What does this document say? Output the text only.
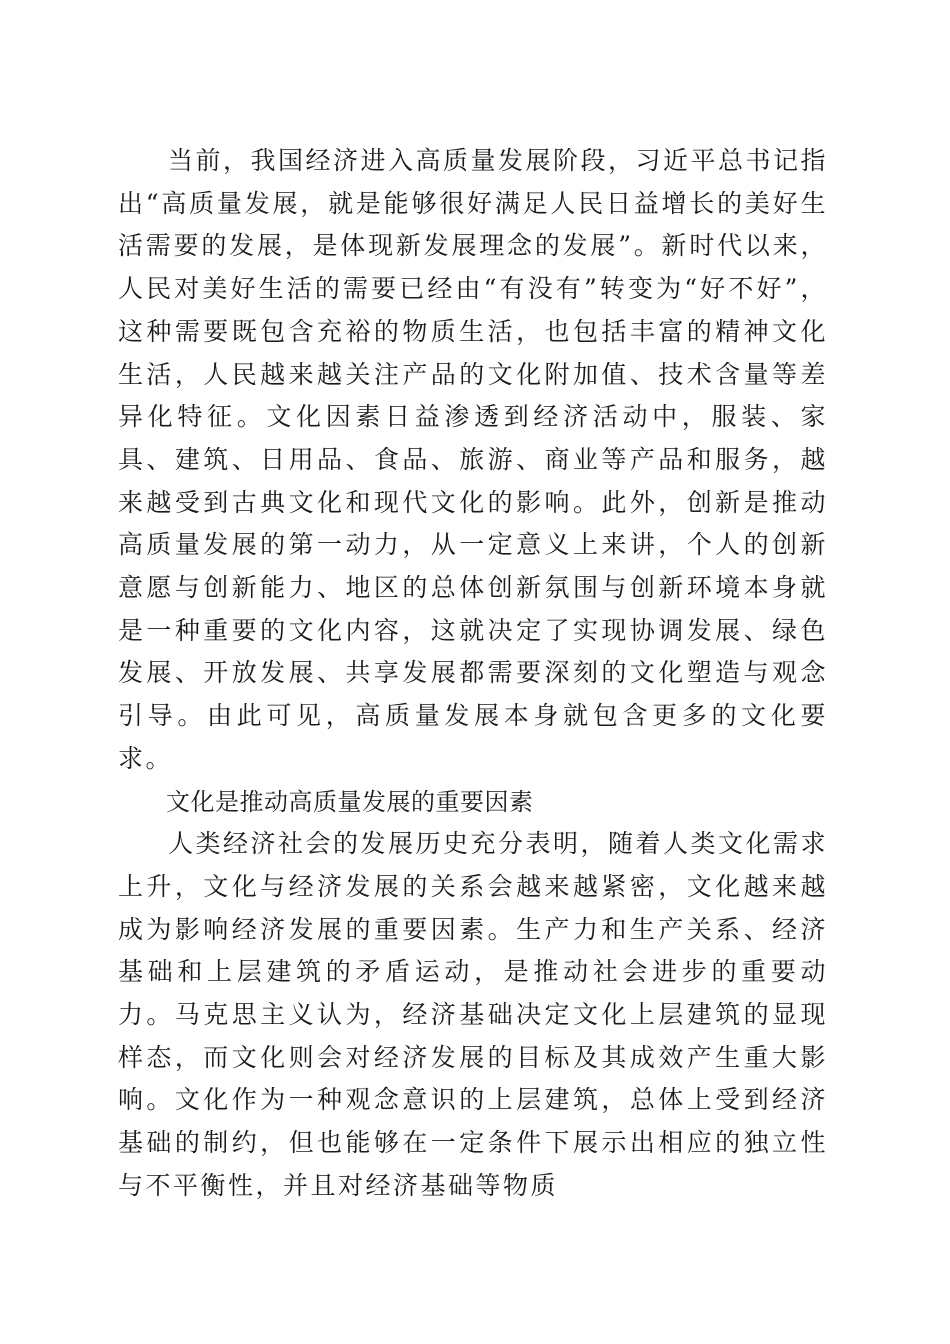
当前，我国经济进入高质量发展阶段，习近平总书记指出“高质量发展，就是能够很好满足人民日益增长的美好生活需要的发展，是体现新发展理念的发展”。新时代以来，人民对美好生活的需要已经由“有没有”转变为“好不好”，这种需要既包含充裕的物质生活，也包括丰富的精神文化生活，人民越来越关注产品的文化附加值、技术含量等差异化特征。文化因素日益渗透到经济活动中，服装、家具、建筑、日用品、食品、旅游、商业等产品和服务，越来越受到古典文化和现代文化的影响。此外，创新是推动高质量发展的第一动力，从一定意义上来讲，个人的创新意愿与创新能力、地区的总体创新氛围与创新环境本身就是一种重要的文化内容，这就决定了实现协调发展、绿色发展、开放发展、共享发展都需要深刻的文化塑造与观念引导。由此可见，高质量发展本身就包含更多的文化要求。

文化是推动高质量发展的重要因素

人类经济社会的发展历史充分表明，随着人类文化需求上升，文化与经济发展的关系会越来越紧密，文化越来越成为影响经济发展的重要因素。生产力和生产关系、经济基础和上层建筑的矛盾运动，是推动社会进步的重要动力。马克思主义认为，经济基础决定文化上层建筑的显现样态，而文化则会对经济发展的目标及其成效产生重大影响。文化作为一种观念意识的上层建筑，总体上受到经济基础的制约，但也能够在一定条件下展示出相应的独立性与不平衡性，并且对经济基础等物质
